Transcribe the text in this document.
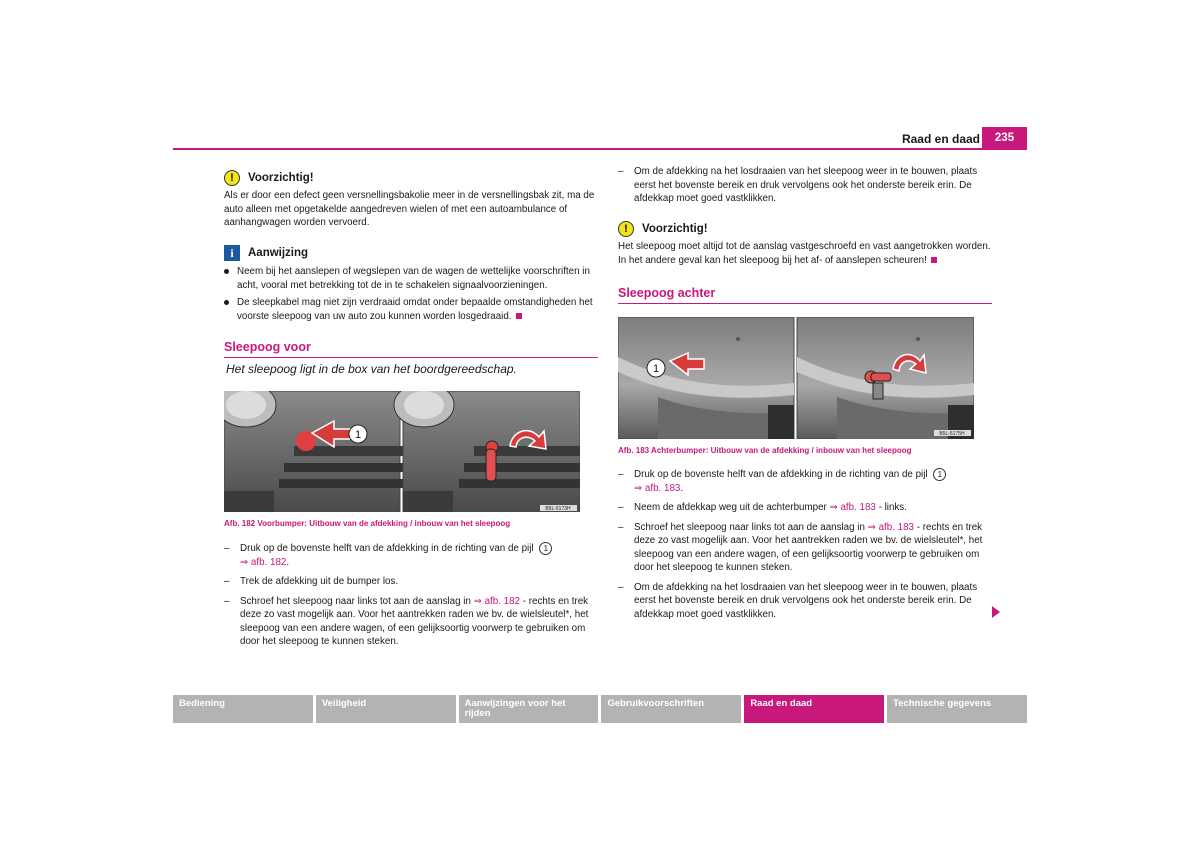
Raad en daad	235
!	Voorzichtig!

Als er door een defect geen versnellingsbakolie meer in de versnellingsbak zit, ma de auto alleen met opgetakelde aangedreven wielen of met een autoambulance of aanhangwagen worden vervoerd.

i	Aanwijzing
Neem bij het aanslepen of wegslepen van de wagen de wettelijke voorschriften in acht, vooral met betrekking tot de in te schakelen signaalvoorzieningen.
De sleepkabel mag niet zijn verdraaid omdat onder bepaalde omstandigheden het voorste sleepoog van uw auto zou kunnen worden losgedraaid.
Sleepoog voor
Het sleepoog ligt in de box van het boordgereedschap.
1
B5L-5173H
Afb. 182 Voorbumper: Uitbouw van de afdekking / inbouw van het sleepoog
– Druk op de bovenste helft van de afdekking in de richting van de pijl 1
⇒ afb. 182.
– Trek de afdekking uit de bumper los.
– Schroef het sleepoog naar links tot aan de aanslag in ⇒ afb. 182 - rechts en trek deze zo vast mogelijk aan. Voor het aantrekken raden we bv. de wielsleutel*, het sleepoog van een andere wagen, of een gelijksoortig voorwerp te gebruiken om door het sleepoog te kunnen steken.
– Om de afdekking na het losdraaien van het sleepoog weer in te bouwen, plaats eerst het bovenste bereik en druk vervolgens ook het onderste bereik erin. De afdekkap moet goed vastklikken.
!	Voorzichtig!

Het sleepoog moet altijd tot de aanslag vastgeschroefd en vast aangetrokken worden. In het andere geval kan het sleepoog bij het af- of aanslepen scheuren!

Sleepoog achter
1
B5L-5175H
Afb. 183 Achterbumper: Uitbouw van de afdekking / inbouw van het sleepoog
– Druk op de bovenste helft van de afdekking in de richting van de pijl 1
⇒ afb. 183.
– Neem de afdekkap weg uit de achterbumper ⇒ afb. 183 - links.
– Schroef het sleepoog naar links tot aan de aanslag in ⇒ afb. 183 - rechts en trek deze zo vast mogelijk aan. Voor het aantrekken raden we bv. de wielsleutel*, het sleepoog van een andere wagen, of een gelijksoortig voorwerp te gebruiken om door het sleepoog te kunnen steken.
– Om de afdekking na het losdraaien van het sleepoog weer in te bouwen, plaats eerst het bovenste bereik en druk vervolgens ook het onderste bereik erin. De afdekkap moet goed vastklikken.
Bediening	Veiligheid	Aanwijzingen voor het rijden
Gebruikvoorschriften	Raad en daad	Technische gegevens
